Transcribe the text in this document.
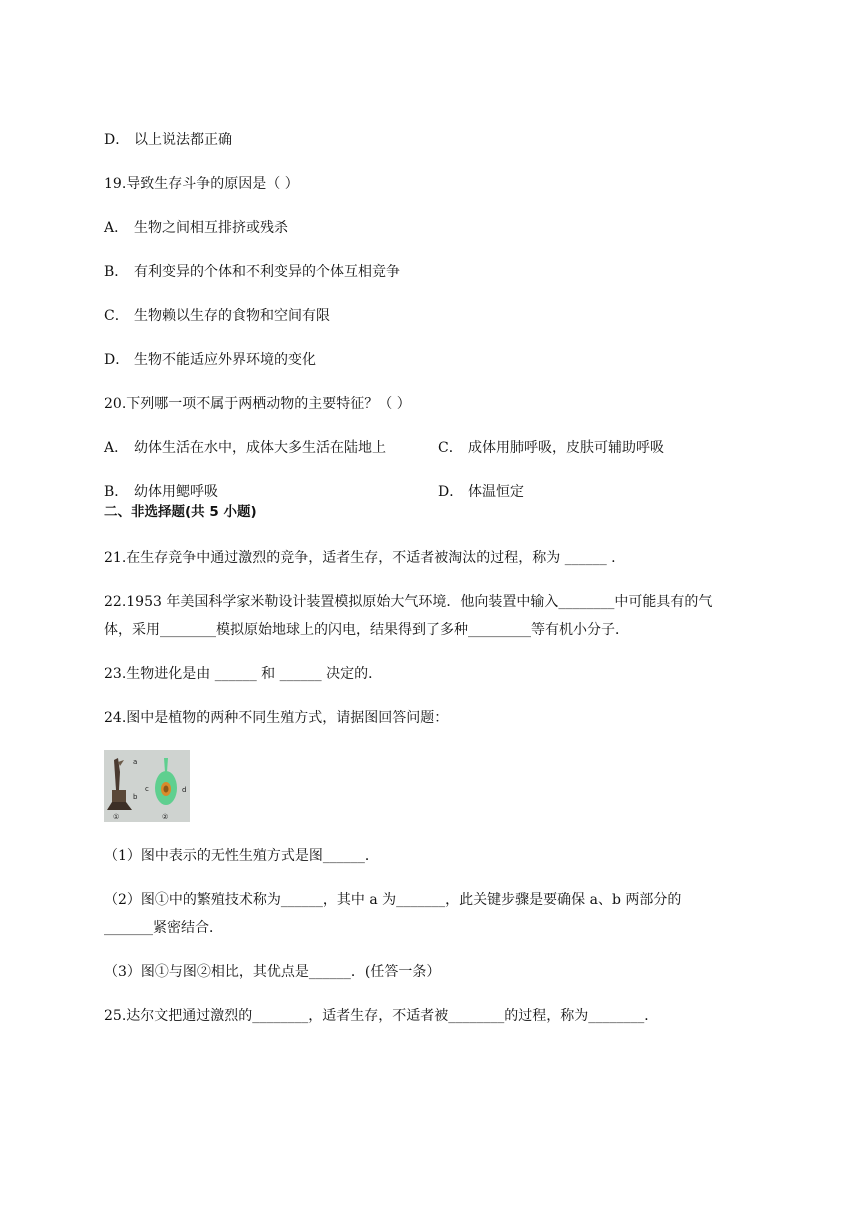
D． 以上说法都正确
19.导致生存斗争的原因是（ ）
A． 生物之间相互排挤或残杀
B． 有利变异的个体和不利变异的个体互相竞争
C． 生物赖以生存的食物和空间有限
D． 生物不能适应外界环境的变化
20.下列哪一项不属于两栖动物的主要特征？（ ）
A． 幼体生活在水中，成体大多生活在陆地上	C． 成体用肺呼吸，皮肤可辅助呼吸
B． 幼体用鳃呼吸	D． 体温恒定
二、非选择题(共 5 小题)
21.在生存竞争中通过激烈的竞争，适者生存，不适者被淘汰的过程，称为 ______ .
22.1953 年美国科学家米勒设计装置模拟原始大气环境．他向装置中输入________中可能具有的气
体，采用________模拟原始地球上的闪电，结果得到了多种_________等有机小分子．
23.生物进化是由 ______ 和 ______ 决定的．
24.图中是植物的两种不同生殖方式，请据图回答问题：
a
b
c	d
①	②
（1）图中表示的无性生殖方式是图______．
（2）图①中的繁殖技术称为______，其中 a 为_______，此关键步骤是要确保 a、b 两部分的
_______紧密结合．
（3）图①与图②相比，其优点是______．(任答一条）
25.达尔文把通过激烈的________，适者生存，不适者被________的过程，称为________．
